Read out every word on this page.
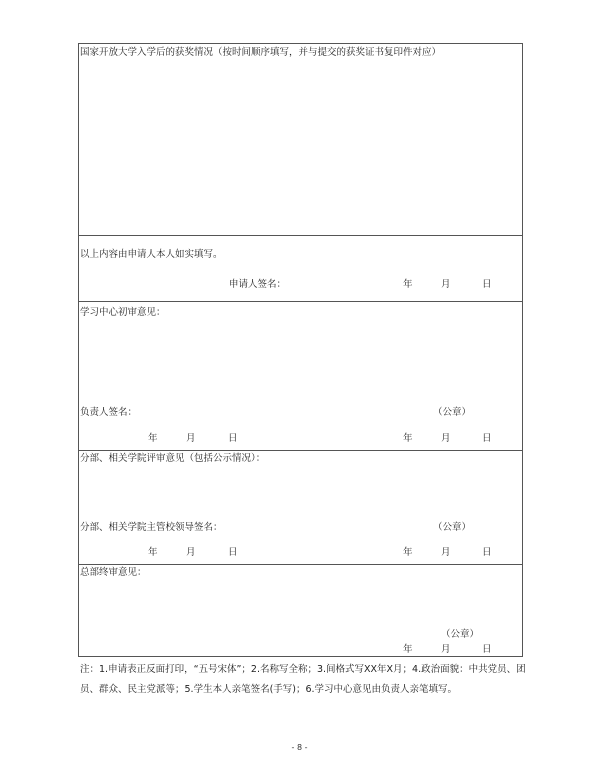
国家开放大学入学后的获奖情况（按时间顺序填写，并与提交的获奖证书复印件对应）
以上内容由申请人本人如实填写。
申请人签名：	年	月	日
学习中心初审意见：
负责人签名：	（公章）
年	月	日	年	月	日
分部、相关学院评审意见（包括公示情况）：
分部、相关学院主管校领导签名：	（公章）
年	月	日	年	月	日
总部终审意见：
（公章）
年	月	日
注：1.申请表正反面打印，“五号宋体”；2.名称写全称；3.间格式写XX年X月；4.政治面貌：中共党员、团员、群众、民主党派等；5.学生本人亲笔签名(手写)；6.学习中心意见由负责人亲笔填写。
- 8 -
